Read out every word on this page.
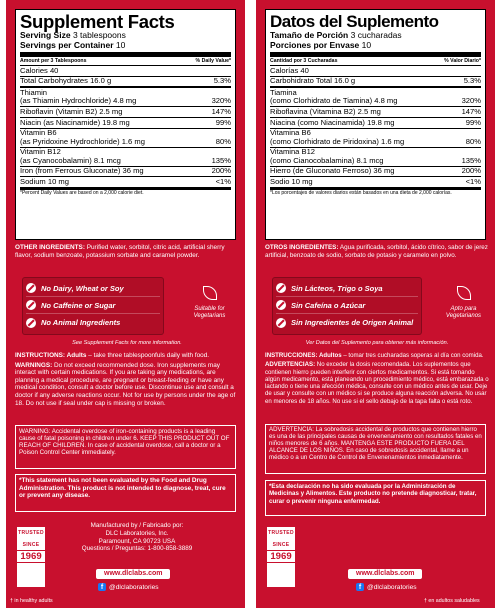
Supplement Facts
Serving Size 3 tablespoons
Servings per Container 10
Amount per 3 Tablespoons	% Daily Value*
Calories 40
Total Carbohydrates 16.0 g	5.3%
Thiamin
(as Thiamin Hydrochloride) 4.8 mg	320%
Riboflavin (Vitamin B2) 2.5 mg	147%
Niacin (as Niacinamide) 19.8 mg	99%
Vitamin B6
(as Pyridoxine Hydrochloride) 1.6 mg	80%
Vitamin B12
(as Cyanocobalamin) 8.1 mcg	135%
Iron (from Ferrous Gluconate) 36 mg	200%
Sodium 10 mg	<1%
*Percent Daily Values are based on a 2,000 calorie diet.
OTHER INGREDIENTS: Purified water, sorbitol, citric acid, artificial sherry flavor, sodium benzoate, potassium sorbate and caramel powder.
No Dairy, Wheat or Soy
No Caffeine or Sugar
No Animal Ingredients
Suitable for Vegetarians
See Supplement Facts for more information.
INSTRUCTIONS: Adults – take three tablespoonfuls daily with food.
WARNINGS: Do not exceed recommended dose. Iron supplements may interact with certain medications. If you are taking any medications, are planning a medical procedure, are pregnant or breast-feeding or have any medical condition, consult a doctor before use. Discontinue use and consult a doctor if any adverse reactions occur. Not for use by persons under the age of 18. Do not use if seal under cap is missing or broken.
WARNING: Accidental overdose of iron-containing products is a leading cause of fatal poisoning in children under 6. KEEP THIS PRODUCT OUT OF REACH OF CHILDREN. In case of accidental overdose, call a doctor or a Poison Control Center immediately.
*This statement has not been evaluated by the Food and Drug Administration. This product is not intended to diagnose, treat, cure or prevent any disease.
TRUSTED
SINCE
1969
Manufactured by / Fabricado por:
DLC Laboratories, Inc.
Paramount, CA 90723 USA
Questions / Preguntas: 1-800-858-3889
www.dlclabs.com
f @dlclaboratories
† in healthy adults
Datos del Suplemento
Tamaño de Porción 3 cucharadas
Porciones por Envase 10
Cantidad por 3 Cucharadas	% Valor Diario*
Calorías 40
Carbohidrato Total 16.0 g	5.3%
Tiamina
(como Clorhidrato de Tiamina) 4.8 mg	320%
Riboflavina (Vitamina B2) 2.5 mg	147%
Niacina (como Niacinamida) 19.8 mg	99%
Vitamina B6
(como Clorhidrato de Piridoxina) 1.6 mg	80%
Vitamina B12
(como Cianocobalamina) 8.1 mcg	135%
Hierro (de Gluconato Ferroso) 36 mg	200%
Sodio 10 mg	<1%
*Los porcentajes de valores diarios están basados en una dieta de 2,000 calorías.
OTROS INGREDIENTES: Agua purificada, sorbitol, ácido cítrico, sabor de jerez artificial, benzoato de sodio, sorbato de potasio y caramelo en polvo.
Sin Lácteos, Trigo o Soya
Sin Cafeína o Azúcar
Sin Ingredientes de Origen Animal
Apto para Vegetarianos
Ver Datos del Suplemento para obtener más información.
INSTRUCCIONES: Adultos – tomar tres cucharadas soperas al día con comida.
ADVERTENCIAS: No exceder la dosis recomendada. Los suplementos que contienen hierro pueden interferir con ciertos medicamentos. Si está tomando algún medicamento, está planeando un procedimiento médico, está embarazada o lactando o tiene una afección médica, consulte con un médico antes de usar. Deje de usar y consulte con un médico si se produce alguna reacción adversa. No usar en menores de 18 años. No use si el sello debajo de la tapa falta o está roto.
ADVERTENCIA: La sobredosis accidental de productos que contienen hierro es una de las principales causas de envenenamiento con resultados fatales en niños menores de 6 años. MANTENGA ESTE PRODUCTO FUERA DEL ALCANCE DE LOS NIÑOS. En caso de sobredosis accidental, llame a un médico o a un Centro de Control de Envenenamientos inmediatamente.
*Esta declaración no ha sido evaluada por la Administración de Medicinas y Alimentos. Este producto no pretende diagnosticar, tratar, curar o prevenir ninguna enfermedad.
TRUSTED
SINCE
1969
www.dlclabs.com
f @dlclaboratories
† en adultos saludables
